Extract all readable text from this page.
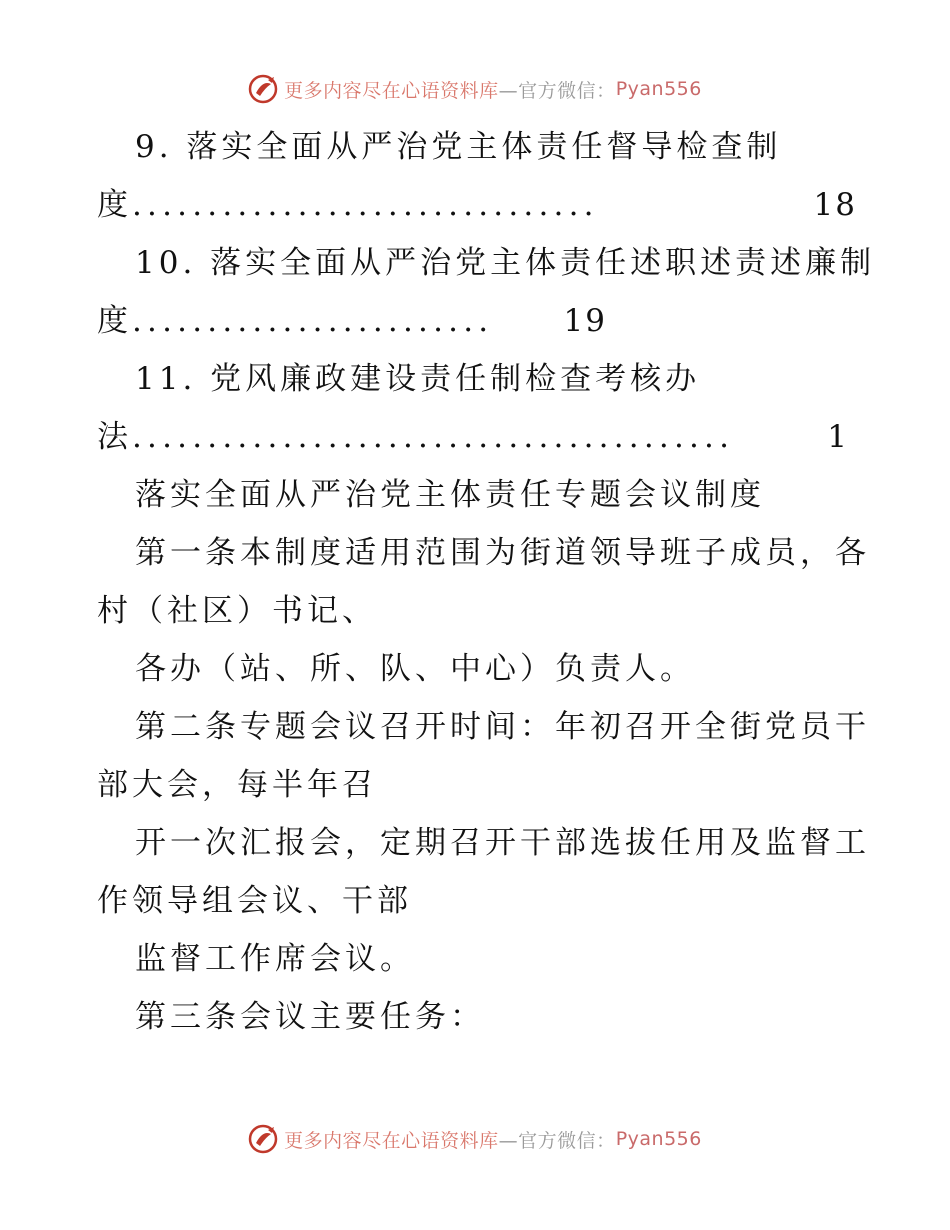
更多内容尽在心语资料库 —官方微信： Pyan556
9. 落实全面从严治党主体责任督导检查制
度 ...............................	18
10. 落实全面从严治党主体责任述职述责述廉制
度 ........................	19
11. 党风廉政建设责任制检查考核办
法 ........................................	1
落实全面从严治党主体责任专题会议制度
第一条本制度适用范围为街道领导班子成员，各
村（社区）书记、
各办（站、所、队、中心）负责人。
第二条专题会议召开时间：年初召开全街党员干
部大会，每半年召
开一次汇报会，定期召开干部选拔任用及监督工
作领导组会议、干部
监督工作席会议。
第三条会议主要任务：
更多内容尽在心语资料库 —官方微信： Pyan556
